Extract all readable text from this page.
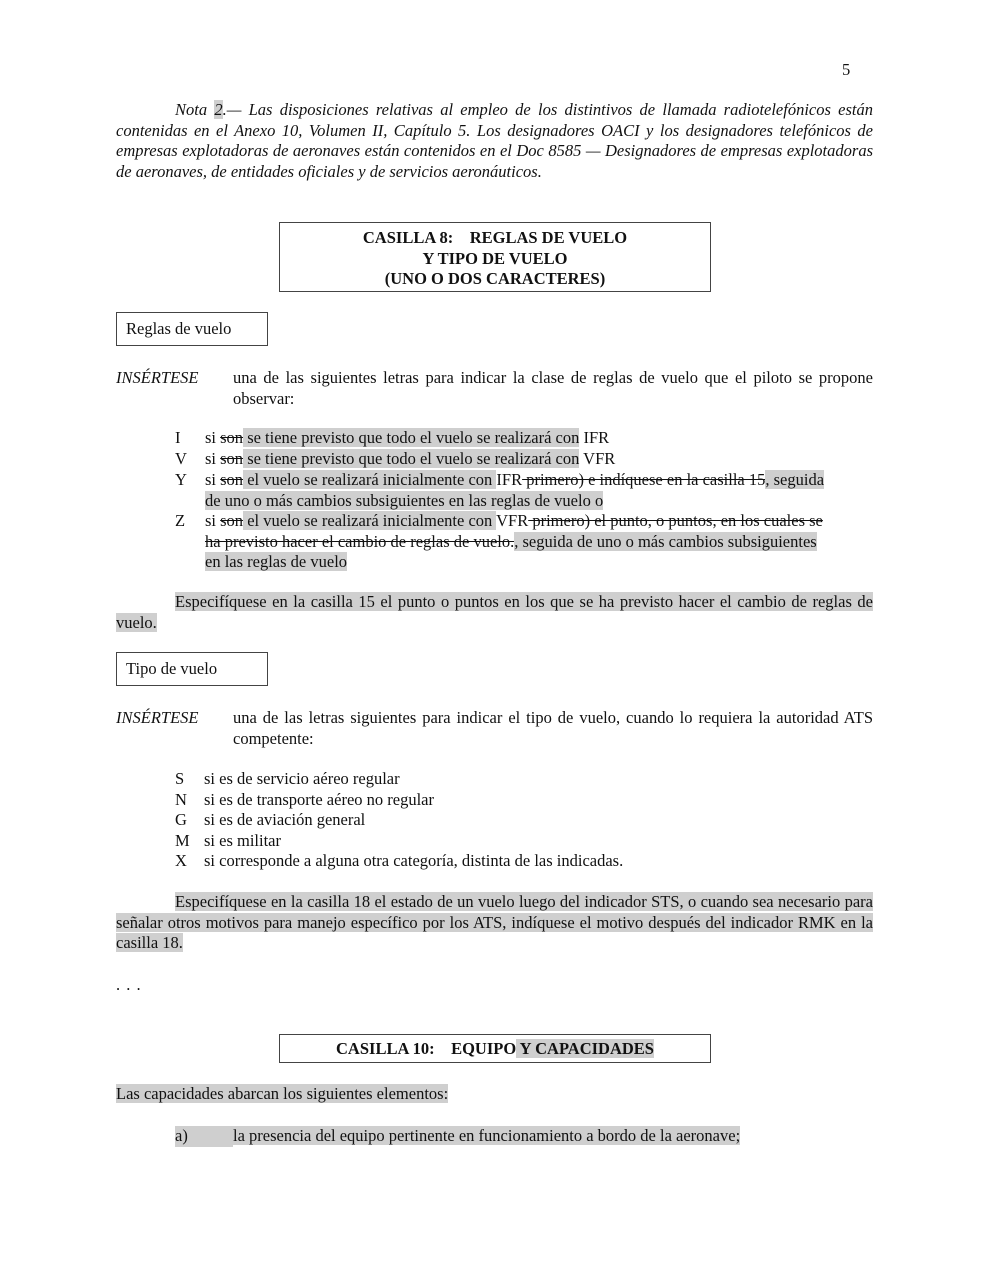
5
Nota 2.— Las disposiciones relativas al empleo de los distintivos de llamada radiotelefónicos están contenidas en el Anexo 10, Volumen II, Capítulo 5. Los designadores OACI y los designadores telefónicos de empresas explotadoras de aeronaves están contenidos en el Doc 8585 — Designadores de empresas explotadoras de aeronaves, de entidades oficiales y de servicios aeronáuticos.
CASILLA 8:    REGLAS DE VUELO
Y TIPO DE VUELO
(UNO O DOS CARACTERES)
Reglas de vuelo
INSÉRTESE una de las siguientes letras para indicar la clase de reglas de vuelo que el piloto se propone observar:
I si son se tiene previsto que todo el vuelo se realizará con IFR
V si son se tiene previsto que todo el vuelo se realizará con VFR
Y si son el vuelo se realizará inicialmente con IFR primero) e indíquese en la casilla 15, seguida
de uno o más cambios subsiguientes en las reglas de vuelo o
Z si son el vuelo se realizará inicialmente con VFR primero) el punto, o puntos, en los cuales se
ha previsto hacer el cambio de reglas de vuelo., seguida de uno o más cambios subsiguientes
en las reglas de vuelo
Especifíquese en la casilla 15 el punto o puntos en los que se ha previsto hacer el cambio de reglas de vuelo.
Tipo de vuelo
INSÉRTESE una de las letras siguientes para indicar el tipo de vuelo, cuando lo requiera la autoridad ATS competente:
S si es de servicio aéreo regular
N si es de transporte aéreo no regular
G si es de aviación general
M si es militar
X si corresponde a alguna otra categoría, distinta de las indicadas.
Especifíquese en la casilla 18 el estado de un vuelo luego del indicador STS, o cuando sea necesario para señalar otros motivos para manejo específico por los ATS, indíquese el motivo después del indicador RMK en la casilla 18.
. . .
CASILLA 10:    EQUIPO Y CAPACIDADES
Las capacidades abarcan los siguientes elementos:
a)	la presencia del equipo pertinente en funcionamiento a bordo de la aeronave;
